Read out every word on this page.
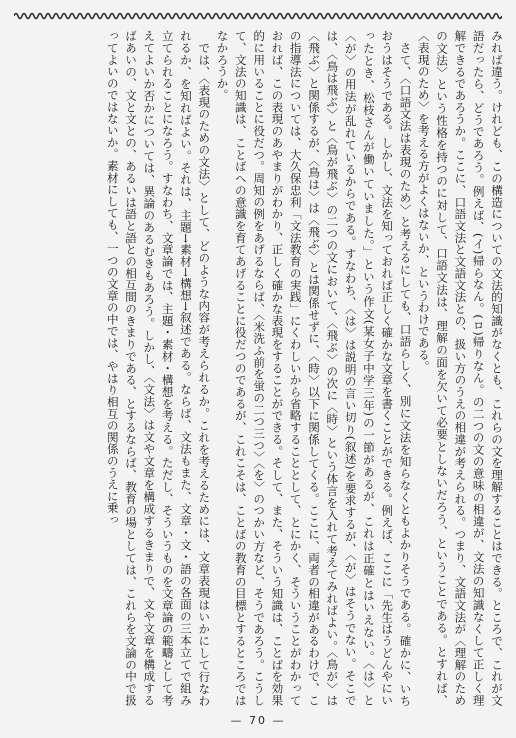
みれば違う。けれども、この構造についての文法的知識がなくとも、これらの文を理解することはできる。ところで、これが文語だったら、どうであろう。例えば、(イ)帰らなん。(ロ)帰りなん。の二つの文の意味の相違が、文法の知識なくして正しく理解できるであろうか。ここに、口語文法と文語文法との、扱い方のうえの相違が考えられる。つまり、文語文法が〈理解のための文法〉という性格を持つのに対して、口語文法は、理解の面を欠いて必要としないだろう、ということである。とすれば、〈表現のため〉を考える方がよくはないか、というわけである。

さて、〈口語文法は表現のため〉と考えるにしても、口語らしく、別に文法を知らなくともよかりそうである。確かに、いちおうはそうである。しかし、文法を知っておれば正しく確かな文章を書くことができる。例えば、ここに「先生はうどんやにいったとき、松枝さんが働いていました。」という作文(某女子中学三年)の一節があるが、これは正確とはいえない。〈は〉と〈が〉の用法が乱れているからである。すなわち、〈は〉は説明の言い切り(叙述)を要求するが、〈が〉はそうでない。そこでは、〈鳥は飛ぶ〉と〈鳥が飛ぶ〉の二つの文において、〈飛ぶ〉の次に〈時〉という体言を入れて考えてみればよい。〈鳥が〉は〈飛ぶ〉と関係するが、〈鳥は〉は〈飛ぶ〉とは関係せずに、〈時〉以下に関係してくる。ここに、両者の相違があるわけで、この指導法については、大久保忠利「文法教育の実践」にくわしいから省略することとして、とにかく、そういうことがわかっておれば、この表現のあやまりがわかり、正しく確かな表現をすることができる。そして、また、そういう知識は、ことばを効果的に用いることに役だつ。周知の例をあげるならば、〈米洗ふ前を蛍の二つ三つ〉〈を〉のつかい方など、そうであろう。こうして、文法の知識は、ことばへの意識を育てあげることに役だつのであるが、これこそは、ことばの教育の目標とするところではなかろうか。

では、〈表現のための文法〉として、どのような内容が考えられるか。これを考えるためには、文章表現はいかにして行なわれるか、を知ればよい。それは、主題→素材→構想→叙述である。ならば、文法もまた、文章・文・語の各面の三本立てで組み立てられることになろう。すなわち、文章論では、主題・素材・構想を考える。ただし、そういうものを文章論の範疇として考えてよいか否かについては、異論のあるむきもあろう。しかし、〈文法〉は文や文章を構成するきまりで、文や文章を構成するばあいの、文と文との、あるいは語と語との相互間のきまりである、とするならば、教育の場としては、これらを文論の中で扱ってよいのではないか。素材にしても、一つの文章の中では、やはり相互の関係のうえに乗っ

— 70 —
